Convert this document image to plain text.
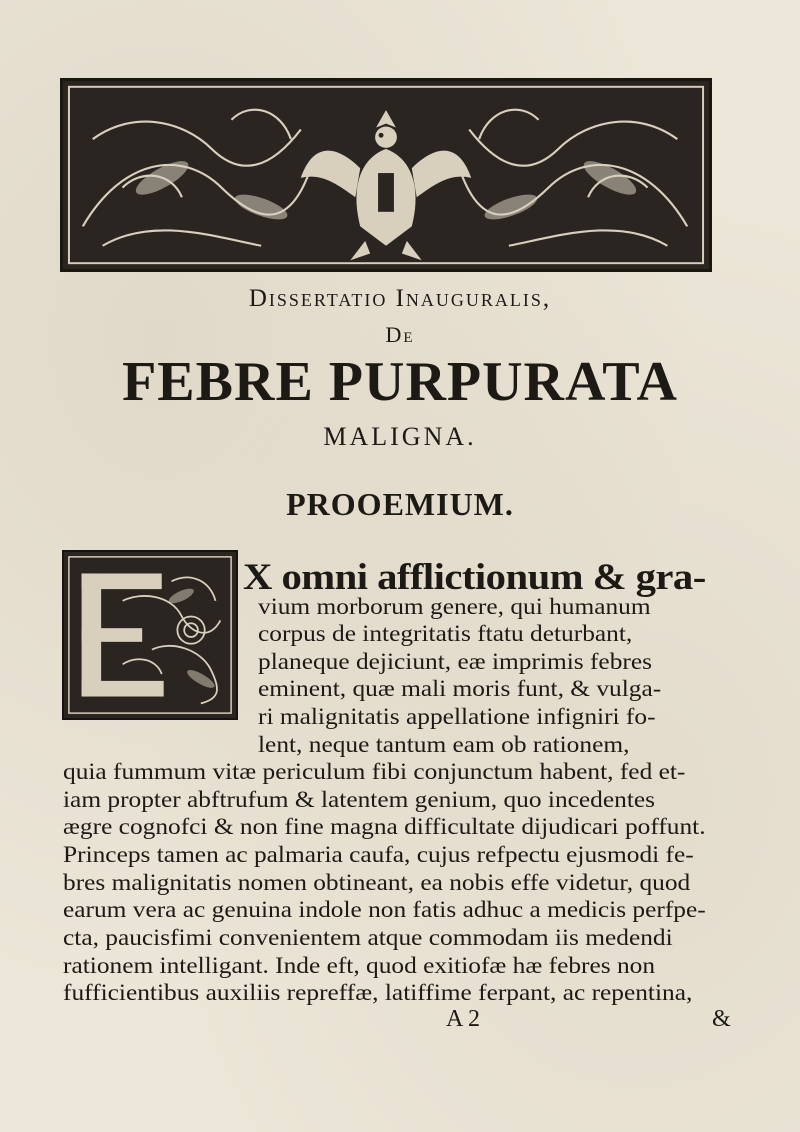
Dissertatio Inauguralis,
De
FEBRE PURPURATA
MALIGNA.
PROOEMIUM.
X omni afflictionum & gra-
vium morborum genere, qui humanum
corpus de integritatis ftatu deturbant,
planeque dejiciunt, eæ imprimis febres
eminent, quæ mali moris funt, & vulga-
ri malignitatis appellatione infigniri fo-
lent, neque tantum eam ob rationem,
quia fummum vitæ periculum fibi conjunctum habent, fed et-
iam propter abftrufum & latentem genium, quo incedentes
ægre cognofci & non fine magna difficultate dijudicari poffunt.
Princeps tamen ac palmaria caufa, cujus refpectu ejusmodi fe-
bres malignitatis nomen obtineant, ea nobis effe videtur, quod
earum vera ac genuina indole non fatis adhuc a medicis perfpe-
cta, paucisfimi convenientem atque commodam iis medendi
rationem intelligant. Inde eft, quod exitiofæ hæ febres non
fufficientibus auxiliis repreffæ, latiffime ferpant, ac repentina,
A 2	&
